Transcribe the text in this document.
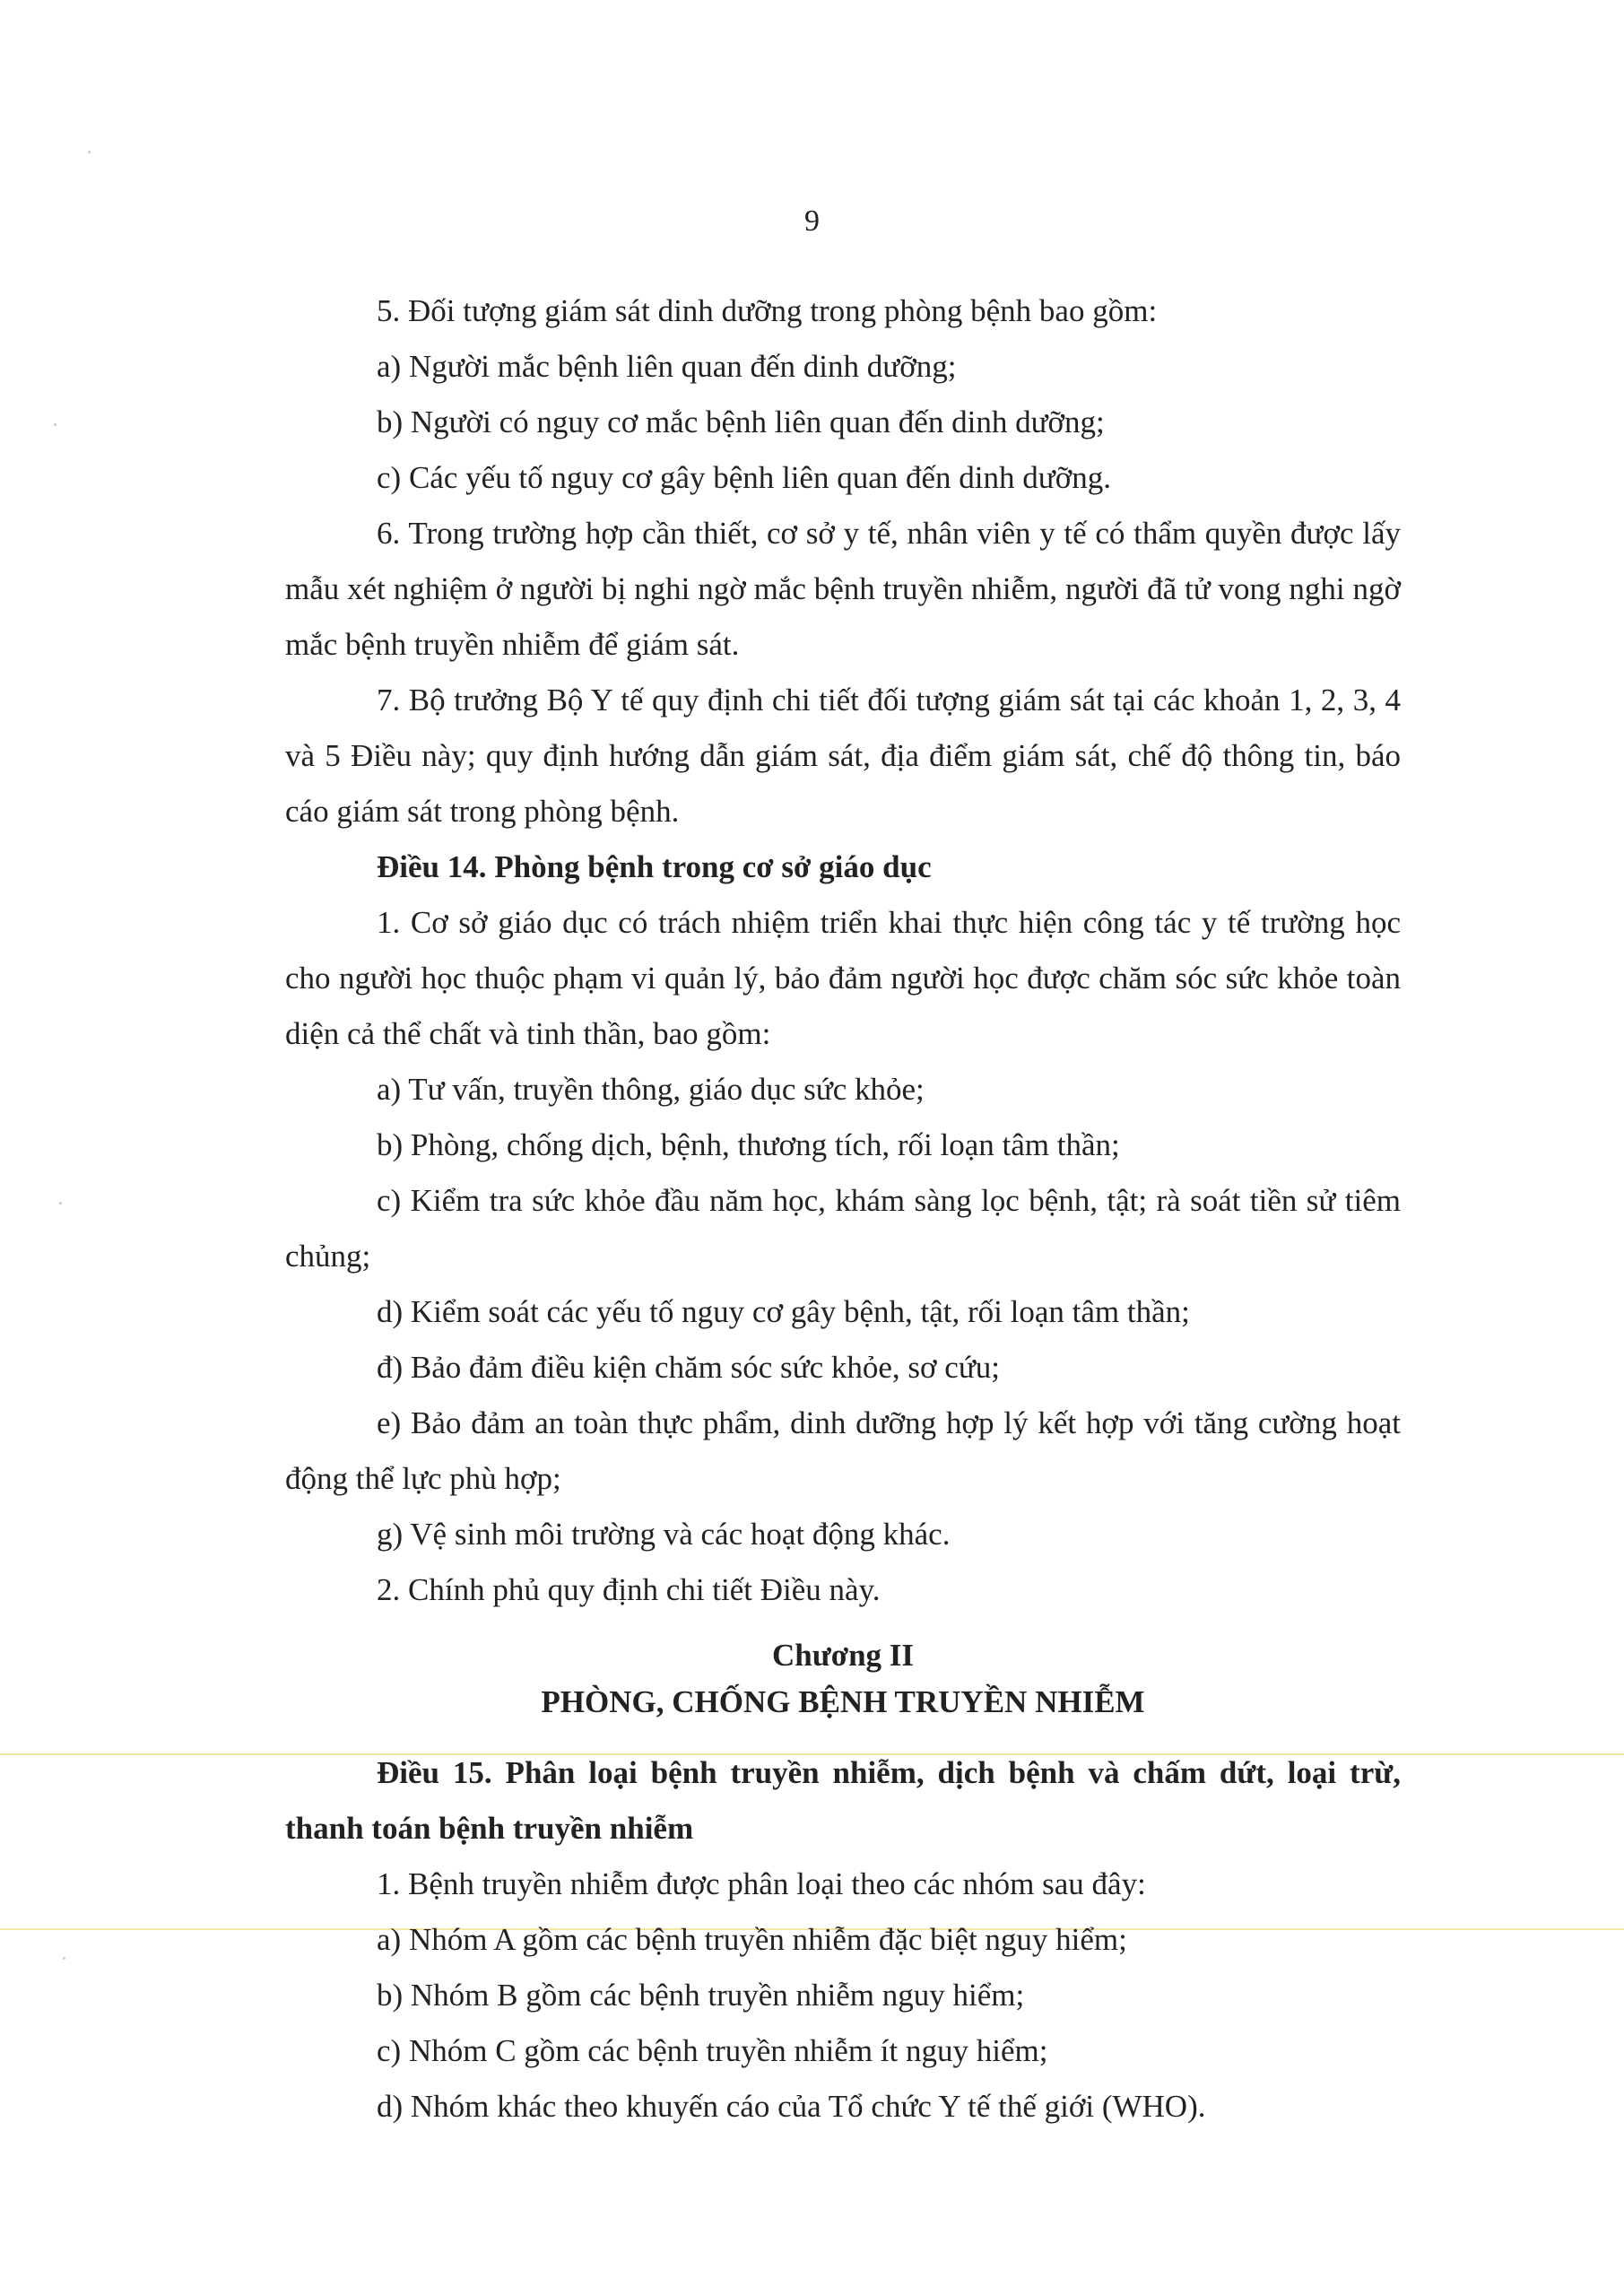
9

5. Đối tượng giám sát dinh dưỡng trong phòng bệnh bao gồm:

a) Người mắc bệnh liên quan đến dinh dưỡng;

b) Người có nguy cơ mắc bệnh liên quan đến dinh dưỡng;

c) Các yếu tố nguy cơ gây bệnh liên quan đến dinh dưỡng.

6. Trong trường hợp cần thiết, cơ sở y tế, nhân viên y tế có thẩm quyền được lấy mẫu xét nghiệm ở người bị nghi ngờ mắc bệnh truyền nhiễm, người đã tử vong nghi ngờ mắc bệnh truyền nhiễm để giám sát.

7. Bộ trưởng Bộ Y tế quy định chi tiết đối tượng giám sát tại các khoản 1, 2, 3, 4 và 5 Điều này; quy định hướng dẫn giám sát, địa điểm giám sát, chế độ thông tin, báo cáo giám sát trong phòng bệnh.

Điều 14. Phòng bệnh trong cơ sở giáo dục

1. Cơ sở giáo dục có trách nhiệm triển khai thực hiện công tác y tế trường học cho người học thuộc phạm vi quản lý, bảo đảm người học được chăm sóc sức khỏe toàn diện cả thể chất và tinh thần, bao gồm:

a) Tư vấn, truyền thông, giáo dục sức khỏe;

b) Phòng, chống dịch, bệnh, thương tích, rối loạn tâm thần;

c) Kiểm tra sức khỏe đầu năm học, khám sàng lọc bệnh, tật; rà soát tiền sử tiêm chủng;

d) Kiểm soát các yếu tố nguy cơ gây bệnh, tật, rối loạn tâm thần;

đ) Bảo đảm điều kiện chăm sóc sức khỏe, sơ cứu;

e) Bảo đảm an toàn thực phẩm, dinh dưỡng hợp lý kết hợp với tăng cường hoạt động thể lực phù hợp;

g) Vệ sinh môi trường và các hoạt động khác.

2. Chính phủ quy định chi tiết Điều này.

Chương II

PHÒNG, CHỐNG BỆNH TRUYỀN NHIỄM

Điều 15. Phân loại bệnh truyền nhiễm, dịch bệnh và chấm dứt, loại trừ, thanh toán bệnh truyền nhiễm

1. Bệnh truyền nhiễm được phân loại theo các nhóm sau đây:

a) Nhóm A gồm các bệnh truyền nhiễm đặc biệt nguy hiểm;

b) Nhóm B gồm các bệnh truyền nhiễm nguy hiểm;

c) Nhóm C gồm các bệnh truyền nhiễm ít nguy hiểm;

d) Nhóm khác theo khuyến cáo của Tổ chức Y tế thế giới (WHO).
